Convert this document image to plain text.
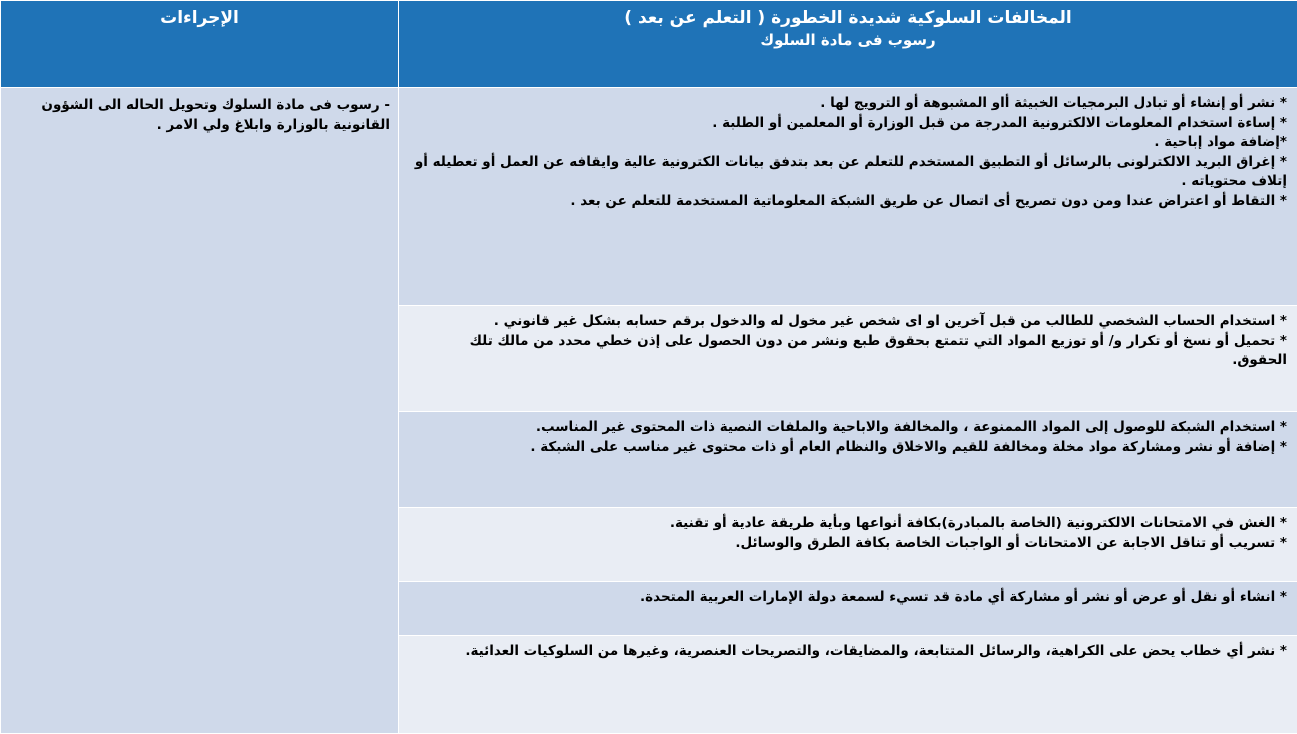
المخالفات السلوكية شديدة الخطورة ( التعلم عن بعد )
رسوب فى مادة السلوك	الإجراءات

* نشر أو إنشاء أو تبادل البرمجيات الخبيثة أاو المشبوهة أو الترويج لها .
* إساءة استخدام المعلومات الالكترونية المدرجة من قبل الوزارة أو المعلمين أو الطلبة .
*إضافة مواد إباحية .
* إغراق البريد الالكترلونى بالرسائل أو التطبيق المستخدم للتعلم عن بعد بتدفق بيانات الكترونية عالية وايقافه عن العمل أو تعطيله أو إتلاف محتوياته .
* التقاط أو اعتراض عندا ومن دون تصريح أى اتصال عن طريق الشبكة المعلوماتية المستخدمة للتعلم عن بعد .	- رسوب فى مادة السلوك وتحويل الحاله الى الشؤون القانونية بالوزارة وابلاغ ولي الامر .

* استخدام الحساب الشخصي للطالب من قبل آخرين او اى شخص غير مخول له والدخول برقم حسابه بشكل غير قانوني .
* تحميل أو نسخ أو تكرار و/ أو توزيع المواد التي تتمتع بحقوق طبع ونشر من دون الحصول على إذن خطي محدد من مالك تلك الحقوق.	

* استخدام الشبكة للوصول إلى المواد االممنوعة ، والمخالفة والاباحية والملفات النصية ذات المحتوى غير المناسب.
* إضافة أو نشر ومشاركة مواد مخلة ومخالفة للقيم والاخلاق والنظام العام أو ذات محتوى غير مناسب على الشبكة .	

* الغش في الامتحانات الالكترونية (الخاصة بالمبادرة)بكافة أنواعها وبأية طريقة عادية أو تقنية.
* تسريب أو تناقل الاجابة عن الامتحانات أو الواجبات الخاصة بكافة الطرق والوسائل.	

* انشاء أو نقل أو عرض أو نشر أو مشاركة أي مادة قد تسيء لسمعة دولة الإمارات العربية المتحدة.	

* نشر أي خطاب يحض على الكراهية، والرسائل المتتابعة، والمضايقات، والتصريحات العنصرية، وغيرها من السلوكيات العدائية.	
